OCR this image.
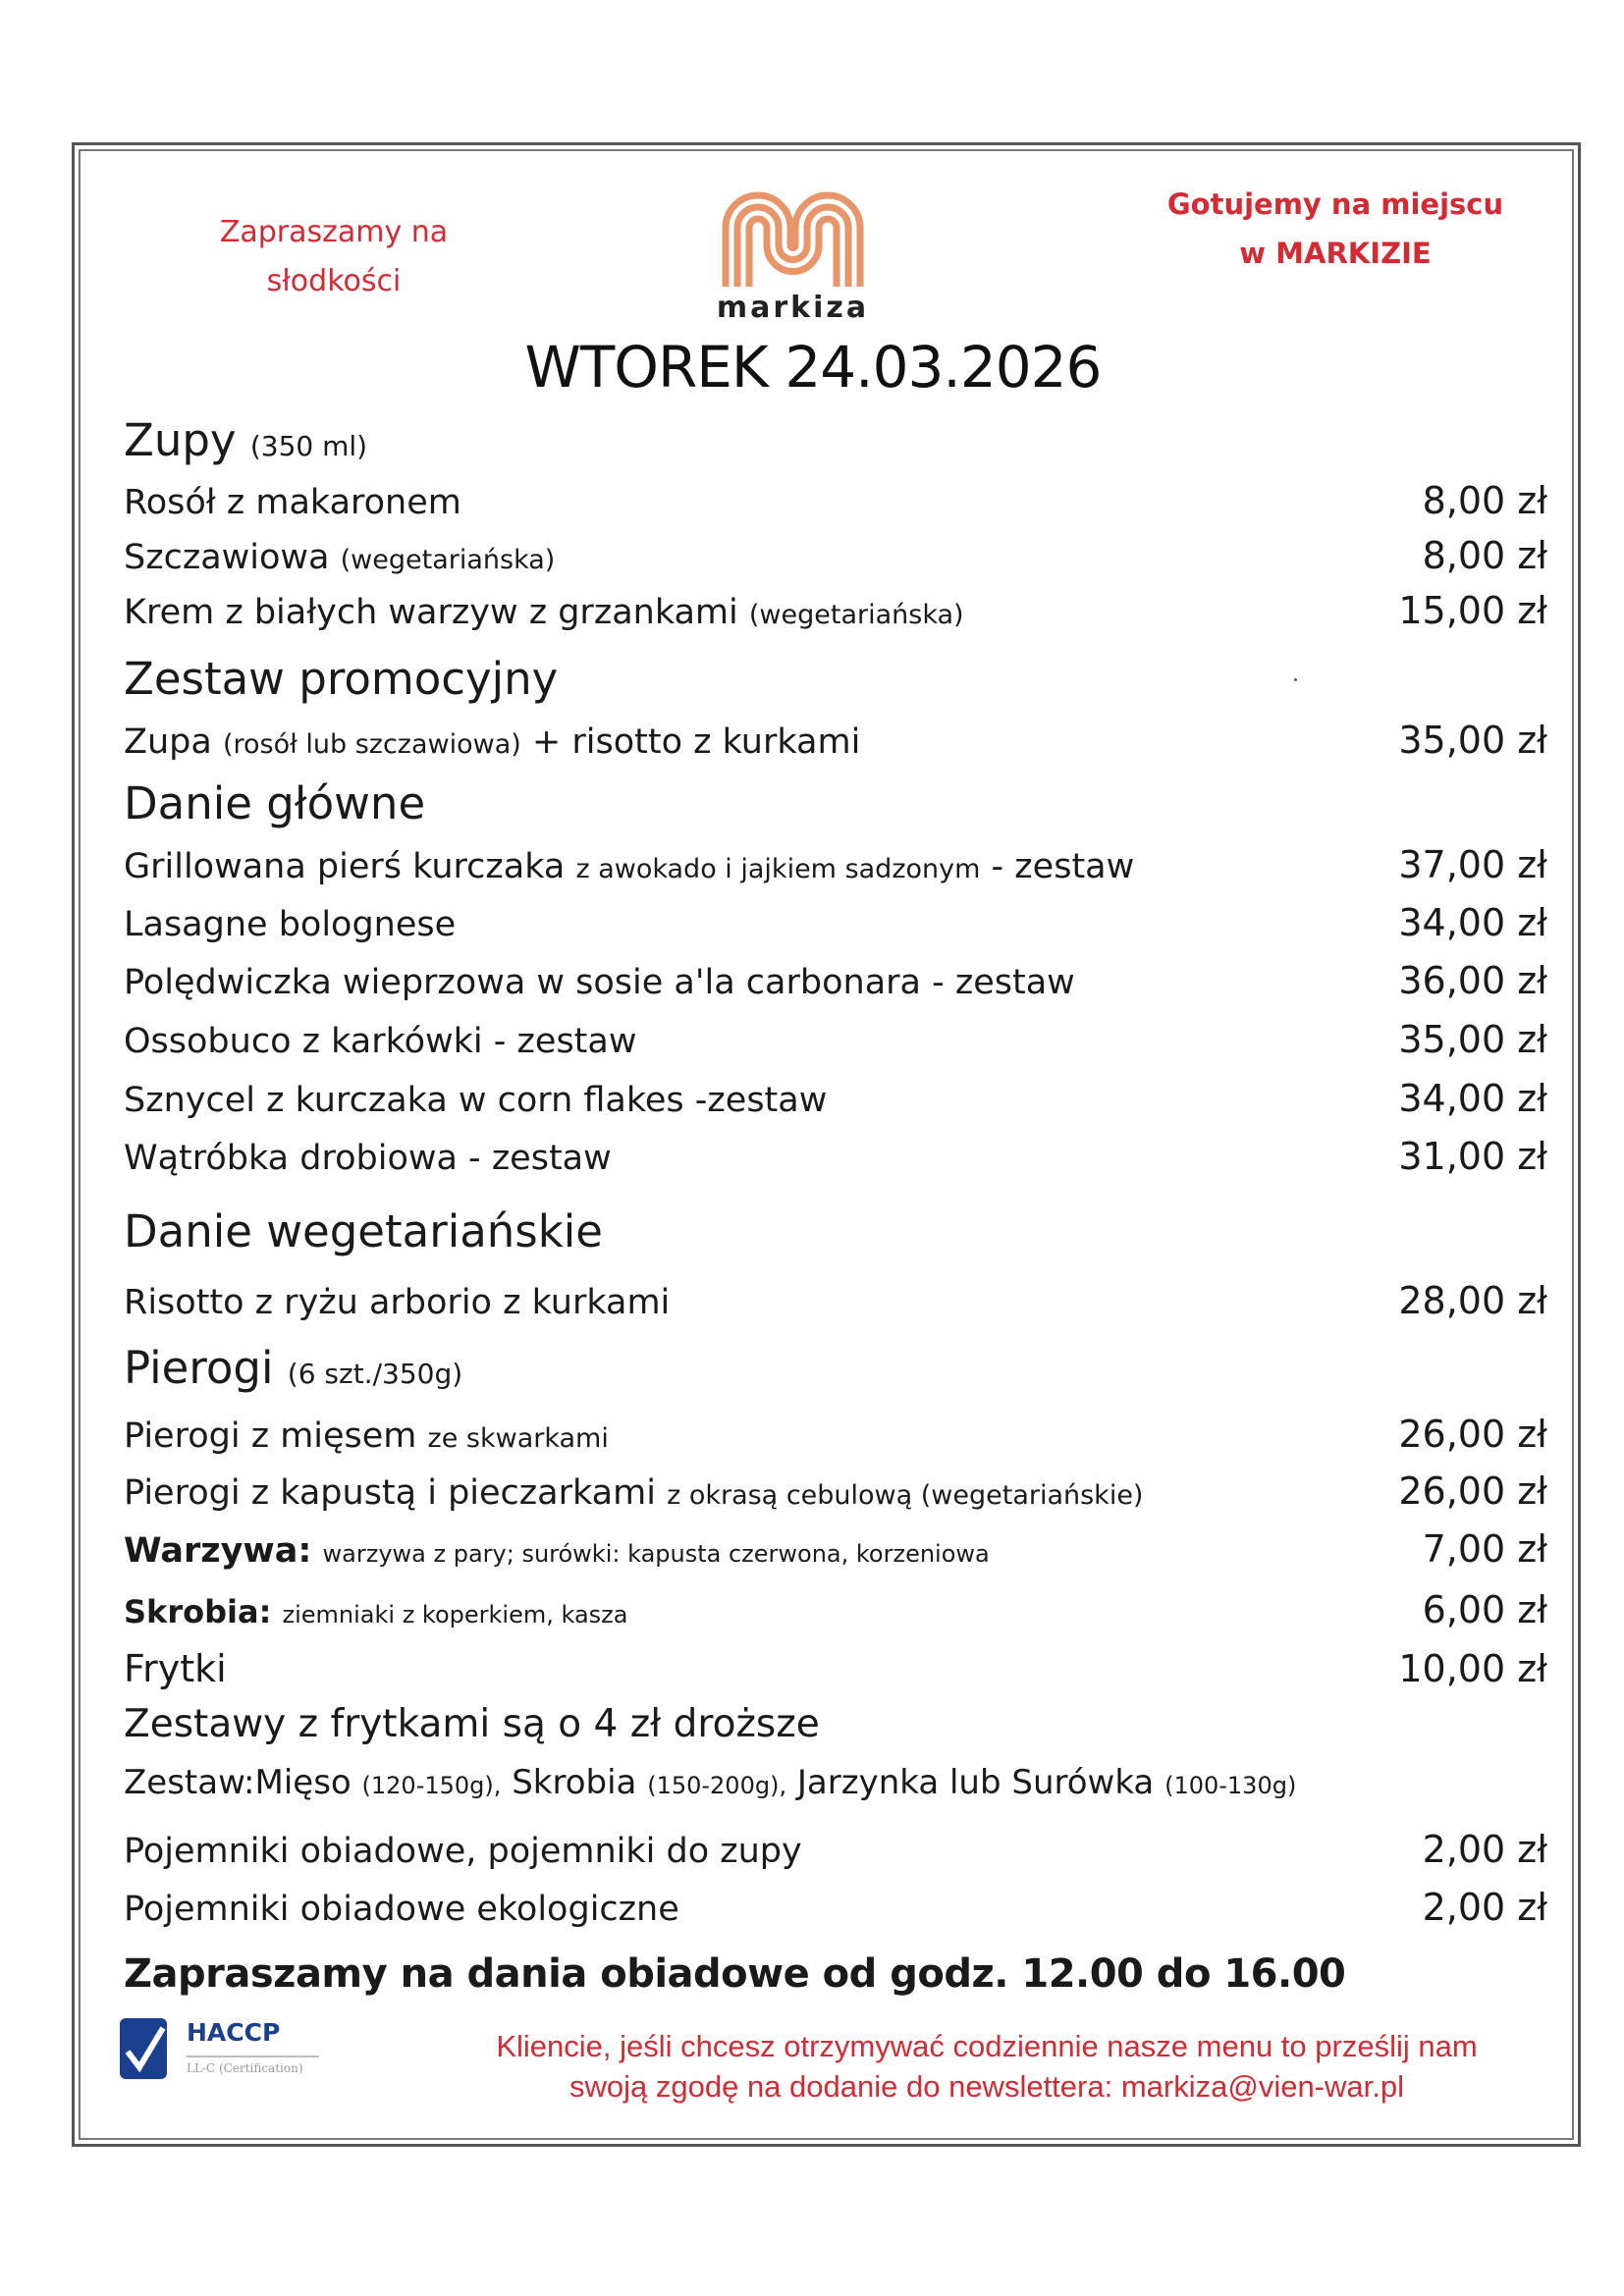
Zapraszamy na
słodkości
Gotujemy na miejscu
w MARKIZIE
markiza
WTOREK 24.03.2026
Zupy (350 ml)
Rosół z makaronem	8,00 zł
Szczawiowa (wegetariańska)	8,00 zł
Krem z białych warzyw z grzankami (wegetariańska)	15,00 zł
Zestaw promocyjny
Zupa (rosół lub szczawiowa) + risotto z kurkami	35,00 zł
Danie główne
Grillowana pierś kurczaka z awokado i jajkiem sadzonym - zestaw	37,00 zł
Lasagne bolognese	34,00 zł
Polędwiczka wieprzowa w sosie a'la carbonara - zestaw	36,00 zł
Ossobuco z karkówki - zestaw	35,00 zł
Sznycel z kurczaka w corn flakes -zestaw	34,00 zł
Wątróbka drobiowa - zestaw	31,00 zł
Danie wegetariańskie
Risotto z ryżu arborio z kurkami	28,00 zł
Pierogi (6 szt./350g)
Pierogi z mięsem ze skwarkami	26,00 zł
Pierogi z kapustą i pieczarkami z okrasą cebulową (wegetariańskie)	26,00 zł
Warzywa: warzywa z pary; surówki: kapusta czerwona, korzeniowa	7,00 zł
Skrobia: ziemniaki z koperkiem, kasza	6,00 zł
Frytki	10,00 zł
Zestawy z frytkami są o 4 zł droższe
Zestaw:Mięso (120-150g), Skrobia (150-200g), Jarzynka lub Surówka (100-130g)
Pojemniki obiadowe, pojemniki do zupy	2,00 zł
Pojemniki obiadowe ekologiczne	2,00 zł
Zapraszamy na dania obiadowe od godz. 12.00 do 16.00
HACCP
LL-C (Certification)
Kliencie, jeśli chcesz otrzymywać codziennie nasze menu to prześlij nam
swoją zgodę na dodanie do newslettera: markiza@vien-war.pl
